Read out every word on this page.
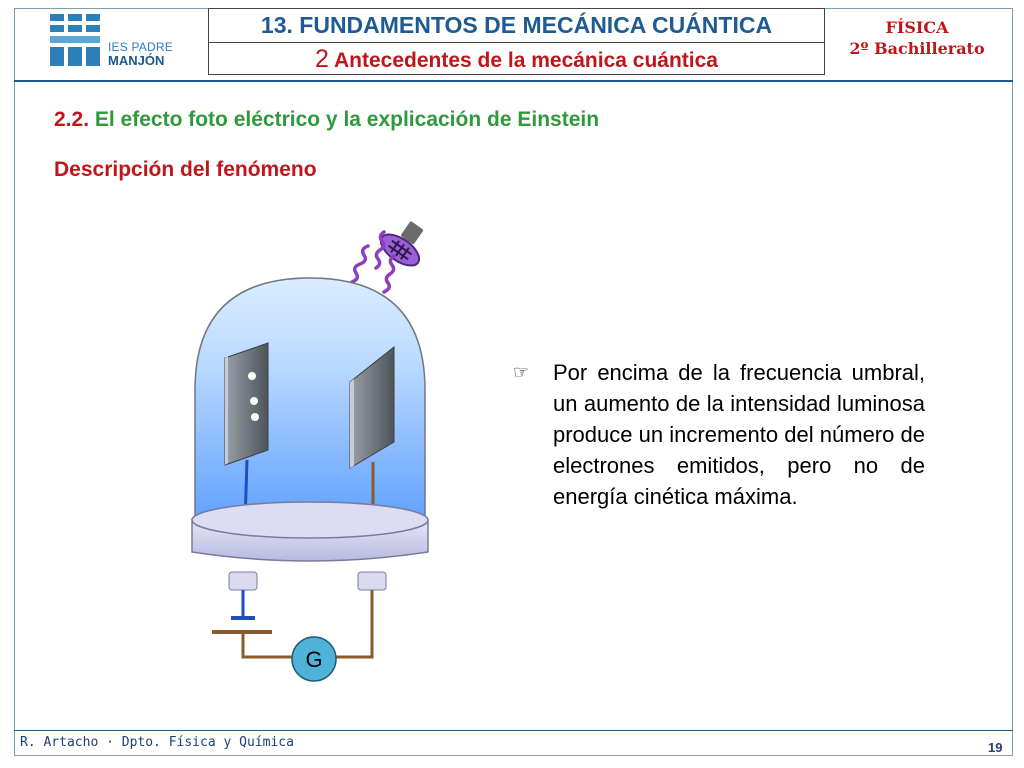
IES PADRE
MANJÓN
13. FUNDAMENTOS DE MECÁNICA CUÁNTICA
2 Antecedentes de la mecánica cuántica
FÍSICA
2º Bachillerato
2.2. El efecto foto eléctrico y la explicación de Einstein
Descripción del fenómeno
G
☞	Por encima de la frecuencia umbral, un aumento de la intensidad luminosa produce un incremento del número de electrones emitidos, pero no de energía cinética máxima.
R. Artacho · Dpto. Física y Química	19
